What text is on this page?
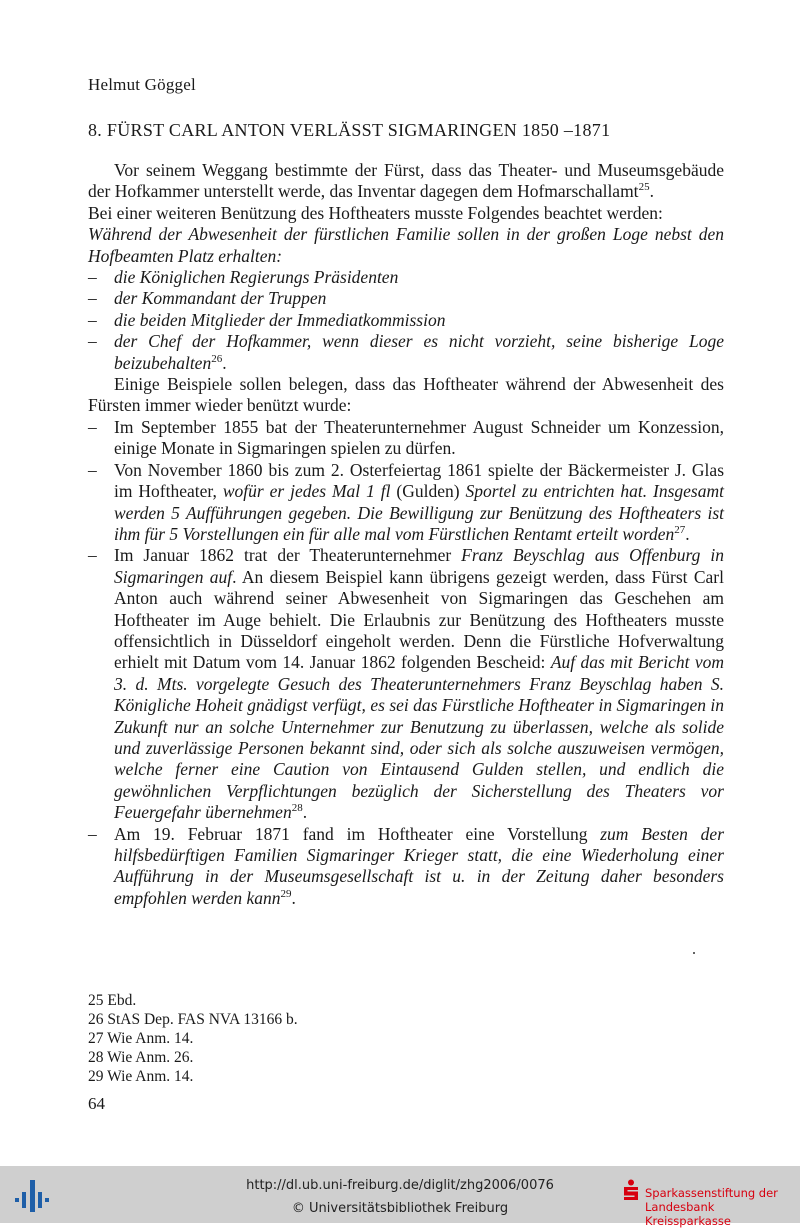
Helmut Göggel
8. FÜRST CARL ANTON VERLÄSST SIGMARINGEN 1850 –1871

Vor seinem Weggang bestimmte der Fürst, dass das Theater- und Museumsgebäude der Hofkammer unterstellt werde, das Inventar dagegen dem Hofmarschallamt$^{25}$.

Bei einer weiteren Benützung des Hoftheaters musste Folgendes beachtet werden:

Während der Abwesenheit der fürstlichen Familie sollen in der großen Loge nebst den Hofbeamten Platz erhalten:

– die Königlichen Regierungs Präsidenten

– der Kommandant der Truppen

– die beiden Mitglieder der Immediatkommission

– der Chef der Hofkammer, wenn dieser es nicht vorzieht, seine bisherige Loge beizubehalten$^{26}$.

Einige Beispiele sollen belegen, dass das Hoftheater während der Abwesenheit des Fürsten immer wieder benützt wurde:

– Im September 1855 bat der Theaterunternehmer August Schneider um Konzession, einige Monate in Sigmaringen spielen zu dürfen.

– Von November 1860 bis zum 2. Osterfeiertag 1861 spielte der Bäckermeister J. Glas im Hoftheater, wofür er jedes Mal 1 fl (Gulden) Sportel zu entrichten hat. Insgesamt werden 5 Aufführungen gegeben. Die Bewilligung zur Benützung des Hoftheaters ist ihm für 5 Vorstellungen ein für alle mal vom Fürstlichen Rentamt erteilt worden$^{27}$.

– Im Januar 1862 trat der Theaterunternehmer Franz Beyschlag aus Offenburg in Sigmaringen auf. An diesem Beispiel kann übrigens gezeigt werden, dass Fürst Carl Anton auch während seiner Abwesenheit von Sigmaringen das Geschehen am Hoftheater im Auge behielt. Die Erlaubnis zur Benützung des Hoftheaters musste offensichtlich in Düsseldorf eingeholt werden. Denn die Fürstliche Hofverwaltung erhielt mit Datum vom 14. Januar 1862 folgenden Bescheid: Auf das mit Bericht vom 3. d. Mts. vorgelegte Gesuch des Theaterunternehmers Franz Beyschlag haben S. Königliche Hoheit gnädigst verfügt, es sei das Fürstliche Hoftheater in Sigmaringen in Zukunft nur an solche Unternehmer zur Benutzung zu überlassen, welche als solide und zuverlässige Personen bekannt sind, oder sich als solche auszuweisen vermögen, welche ferner eine Caution von Eintausend Gulden stellen, und endlich die gewöhnlichen Verpflichtungen bezüglich der Sicherstellung des Theaters vor Feuergefahr übernehmen$^{28}$.

– Am 19. Februar 1871 fand im Hoftheater eine Vorstellung zum Besten der hilfsbedürftigen Familien Sigmaringer Krieger statt, die eine Wiederholung einer Aufführung in der Museumsgesellschaft ist u. in der Zeitung daher besonders empfohlen werden kann$^{29}$.

25 Ebd.
26 StAS Dep. FAS NVA 13166 b.
27 Wie Anm. 14.
28 Wie Anm. 26.
29 Wie Anm. 14.
64
http://dl.ub.uni-freiburg.de/diglit/zhg2006/0076
© Universitätsbibliothek Freiburg
Sparkassenstiftung der
Landesbank Kreissparkasse
